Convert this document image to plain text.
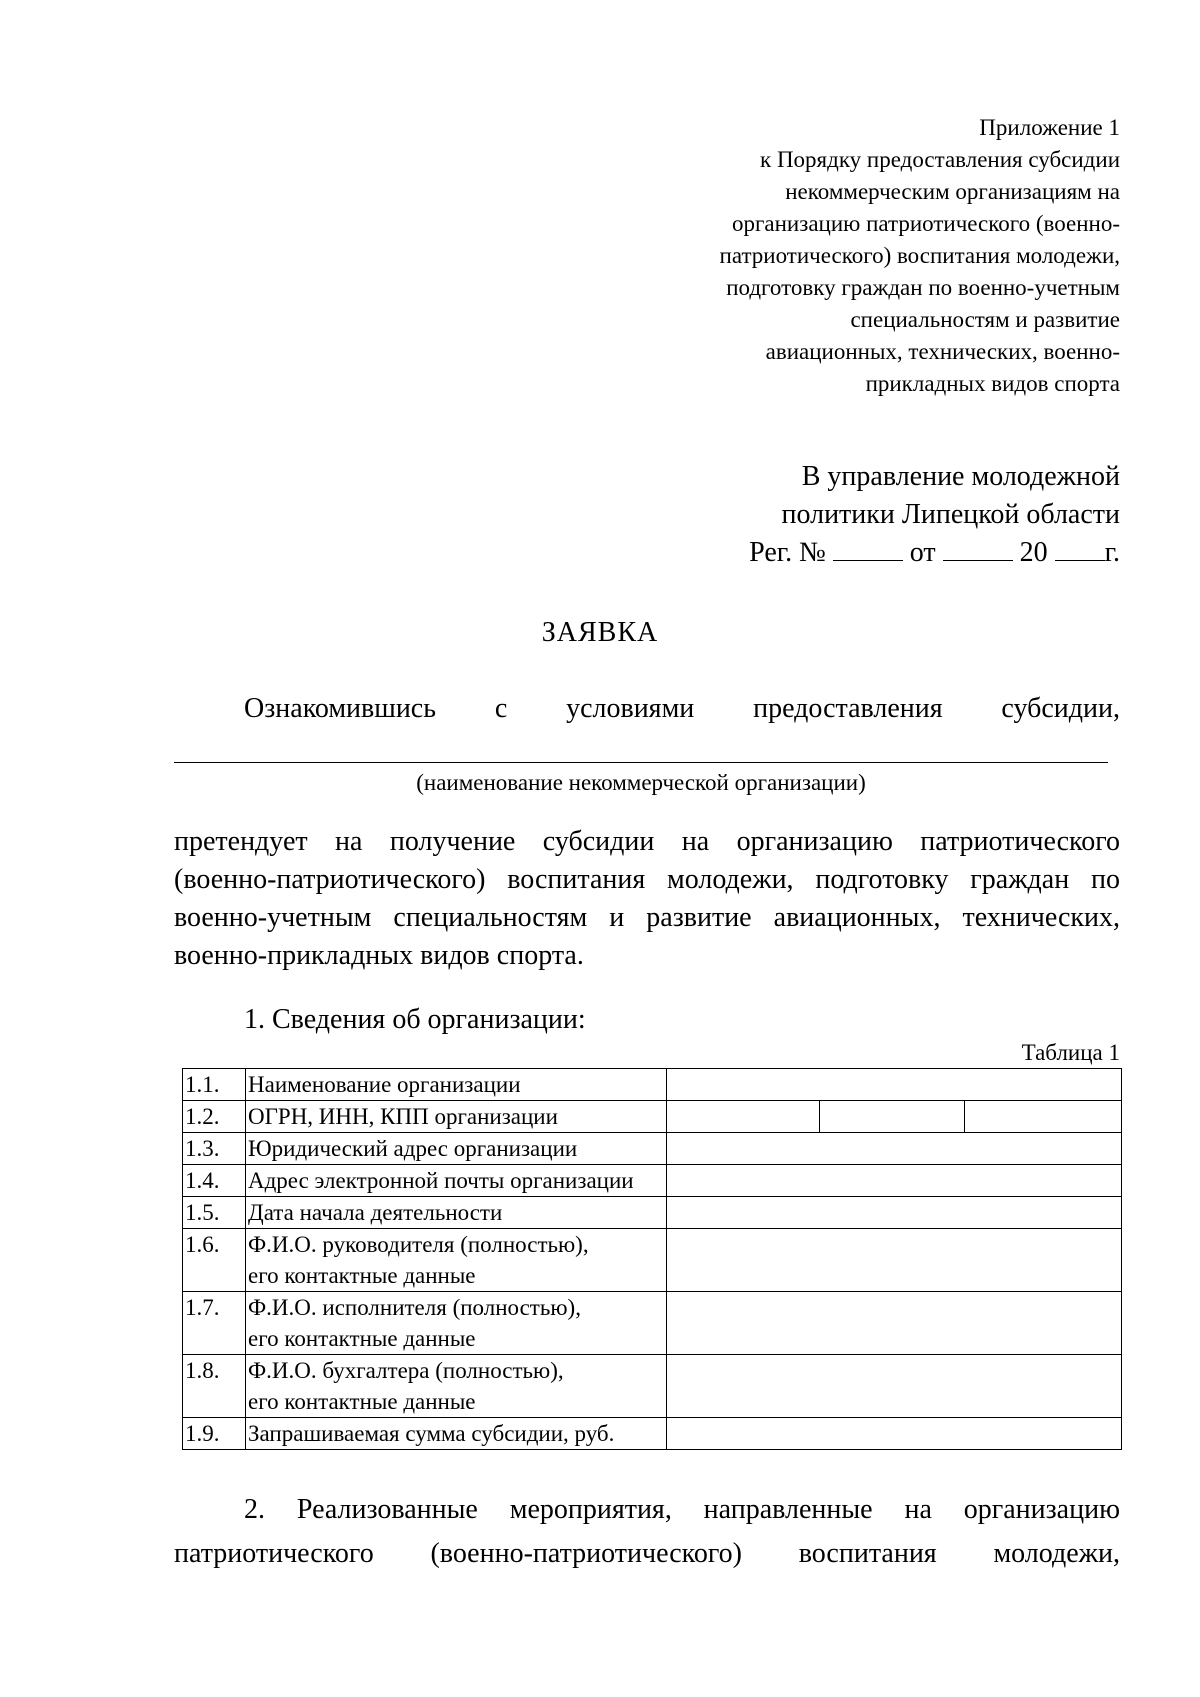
Приложение 1
к Порядку предоставления субсидии
некоммерческим организациям на
организацию патриотического (военно-
патриотического) воспитания молодежи,
подготовку граждан по военно-учетным
специальностям и развитие
авиационных, технических, военно-
прикладных видов спорта
В управление молодежной
политики Липецкой области
Рег. №	от	20 г.
ЗАЯВКА
Ознакомившись с условиями предоставления субсидии,
(наименование некоммерческой организации)
претендует на получение субсидии на организацию патриотического
(военно-патриотического) воспитания молодежи, подготовку граждан по
военно-учетным специальностям и развитие авиационных, технических,
военно-прикладных видов спорта.
1. Сведения об организации:
Таблица 1
1.1.	Наименование организации			
1.2.	ОГРН, ИНН, КПП организации			
1.3.	Юридический адрес организации			
1.4.	Адрес электронной почты организации			
1.5.	Дата начала деятельности			
1.6.	Ф.И.О. руководителя (полностью),
его контактные данные			

1.7.	Ф.И.О. исполнителя (полностью),
его контактные данные			

1.8.	Ф.И.О. бухгалтера (полностью),
его контактные данные			

1.9.	Запрашиваемая сумма субсидии, руб.			
2. Реализованные мероприятия, направленные на организацию
патриотического (военно-патриотического) воспитания молодежи,
